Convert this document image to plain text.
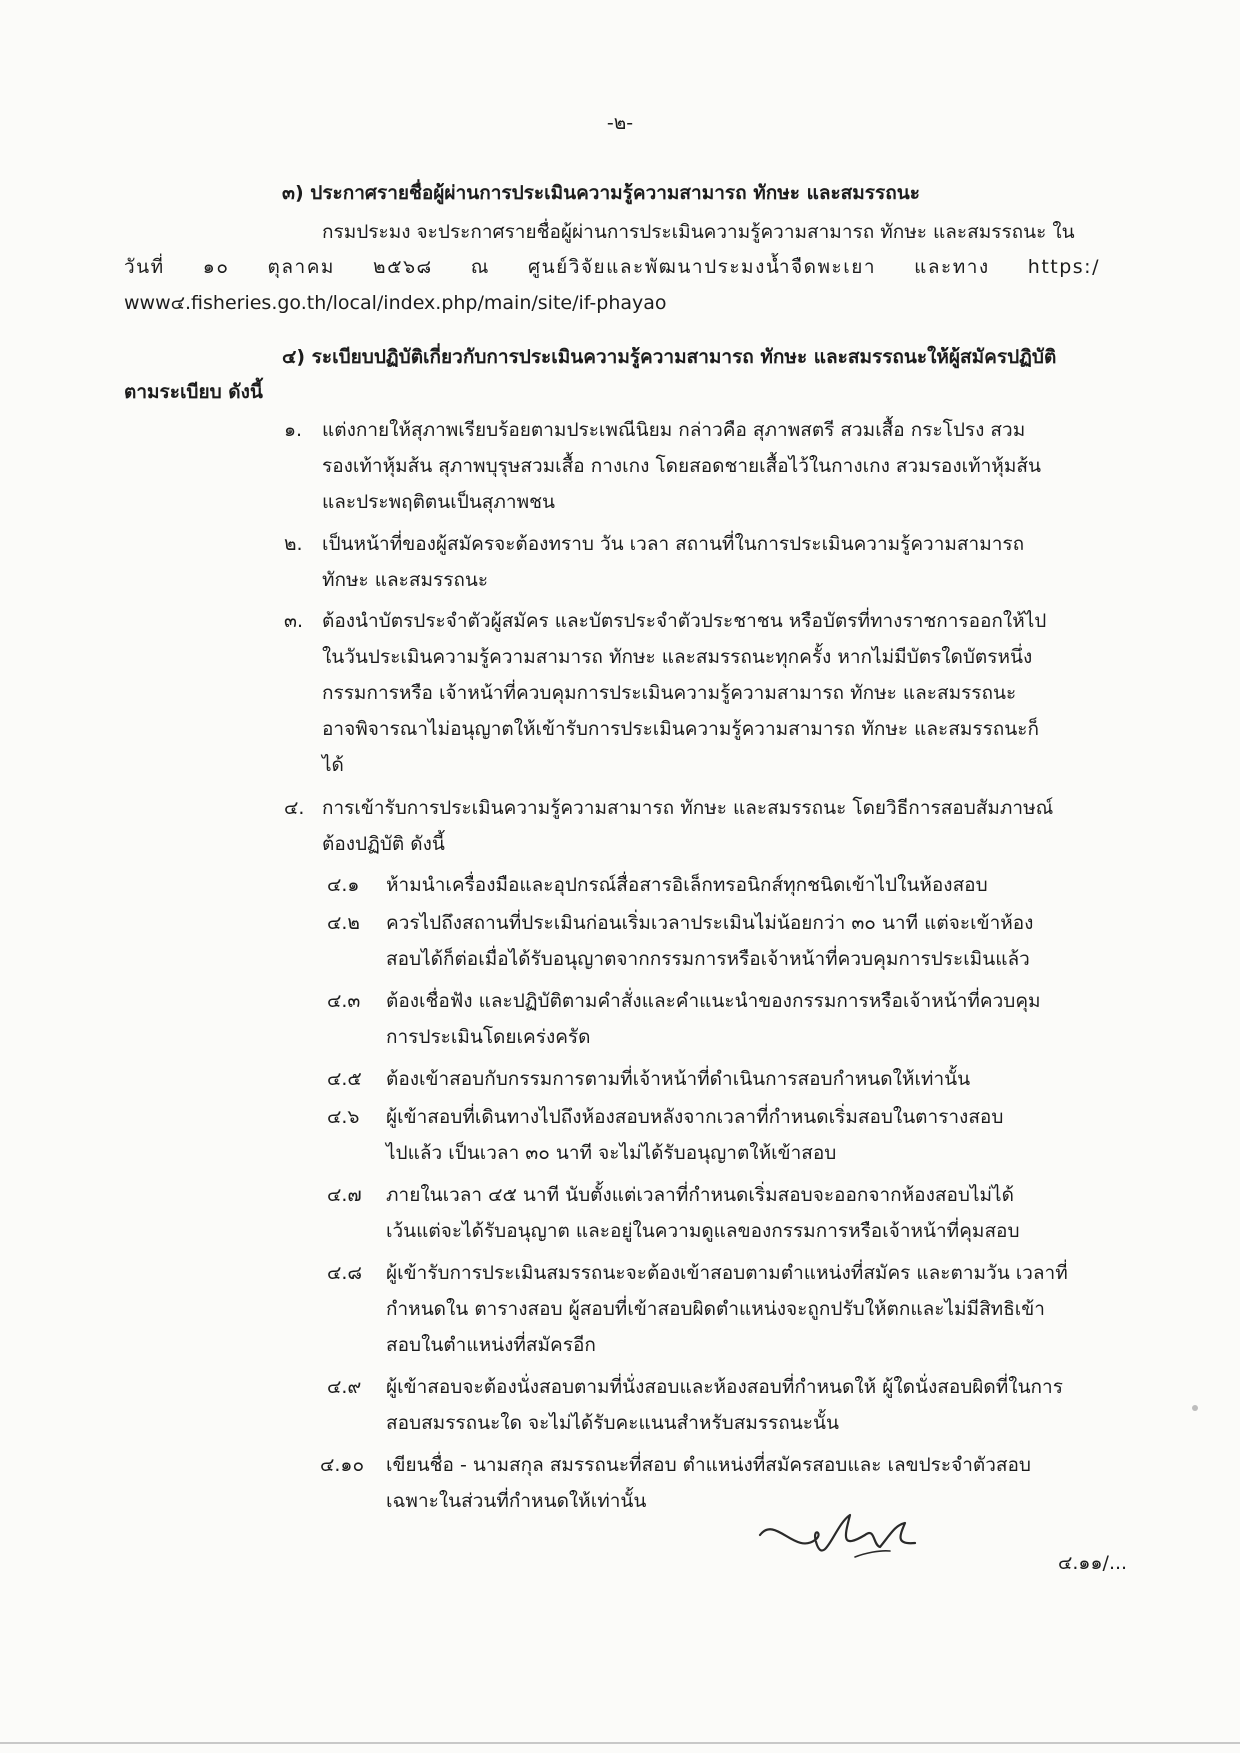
-๒-
๓) ประกาศรายชื่อผู้ผ่านการประเมินความรู้ความสามารถ ทักษะ และสมรรถนะ
กรมประมง จะประกาศรายชื่อผู้ผ่านการประเมินความรู้ความสามารถ ทักษะ และสมรรถนะ ใน
วันที่ ๑๐ ตุลาคม ๒๕๖๘ ณ ศูนย์วิจัยและพัฒนาประมงน้ำจืดพะเยา และทาง https:/
www๔.fisheries.go.th/local/index.php/main/site/if-phayao
๔) ระเบียบปฏิบัติเกี่ยวกับการประเมินความรู้ความสามารถ ทักษะ และสมรรถนะให้ผู้สมัครปฏิบัติ
ตามระเบียบ ดังนี้
๑. แต่งกายให้สุภาพเรียบร้อยตามประเพณีนิยม กล่าวคือ สุภาพสตรี สวมเสื้อ กระโปรง สวม
รองเท้าหุ้มส้น สุภาพบุรุษสวมเสื้อ กางเกง โดยสอดชายเสื้อไว้ในกางเกง สวมรองเท้าหุ้มส้น
และประพฤติตนเป็นสุภาพชน
๒. เป็นหน้าที่ของผู้สมัครจะต้องทราบ วัน เวลา สถานที่ในการประเมินความรู้ความสามารถ
ทักษะ และสมรรถนะ
๓. ต้องนำบัตรประจำตัวผู้สมัคร และบัตรประจำตัวประชาชน หรือบัตรที่ทางราชการออกให้ไป
ในวันประเมินความรู้ความสามารถ ทักษะ และสมรรถนะทุกครั้ง หากไม่มีบัตรใดบัตรหนึ่ง
กรรมการหรือ เจ้าหน้าที่ควบคุมการประเมินความรู้ความสามารถ ทักษะ และสมรรถนะ
อาจพิจารณาไม่อนุญาตให้เข้ารับการประเมินความรู้ความสามารถ ทักษะ และสมรรถนะก็
ได้
๔. การเข้ารับการประเมินความรู้ความสามารถ ทักษะ และสมรรถนะ โดยวิธีการสอบสัมภาษณ์
ต้องปฏิบัติ ดังนี้
๔.๑ ห้ามนำเครื่องมือและอุปกรณ์สื่อสารอิเล็กทรอนิกส์ทุกชนิดเข้าไปในห้องสอบ
๔.๒ ควรไปถึงสถานที่ประเมินก่อนเริ่มเวลาประเมินไม่น้อยกว่า ๓๐ นาที แต่จะเข้าห้อง
สอบได้ก็ต่อเมื่อได้รับอนุญาตจากกรรมการหรือเจ้าหน้าที่ควบคุมการประเมินแล้ว
๔.๓ ต้องเชื่อฟัง และปฏิบัติตามคำสั่งและคำแนะนำของกรรมการหรือเจ้าหน้าที่ควบคุม
การประเมินโดยเคร่งครัด
๔.๕ ต้องเข้าสอบกับกรรมการตามที่เจ้าหน้าที่ดำเนินการสอบกำหนดให้เท่านั้น
๔.๖ ผู้เข้าสอบที่เดินทางไปถึงห้องสอบหลังจากเวลาที่กำหนดเริ่มสอบในตารางสอบ
ไปแล้ว เป็นเวลา ๓๐ นาที จะไม่ได้รับอนุญาตให้เข้าสอบ
๔.๗ ภายในเวลา ๔๕ นาที นับตั้งแต่เวลาที่กำหนดเริ่มสอบจะออกจากห้องสอบไม่ได้
เว้นแต่จะได้รับอนุญาต และอยู่ในความดูแลของกรรมการหรือเจ้าหน้าที่คุมสอบ
๔.๘ ผู้เข้ารับการประเมินสมรรถนะจะต้องเข้าสอบตามตำแหน่งที่สมัคร และตามวัน เวลาที่
กำหนดใน ตารางสอบ ผู้สอบที่เข้าสอบผิดตำแหน่งจะถูกปรับให้ตกและไม่มีสิทธิเข้า
สอบในตำแหน่งที่สมัครอีก
๔.๙ ผู้เข้าสอบจะต้องนั่งสอบตามที่นั่งสอบและห้องสอบที่กำหนดให้ ผู้ใดนั่งสอบผิดที่ในการ
สอบสมรรถนะใด จะไม่ได้รับคะแนนสำหรับสมรรถนะนั้น
๔.๑๐ เขียนชื่อ - นามสกุล สมรรถนะที่สอบ ตำแหน่งที่สมัครสอบและ เลขประจำตัวสอบ
เฉพาะในส่วนที่กำหนดให้เท่านั้น
๔.๑๑/...
